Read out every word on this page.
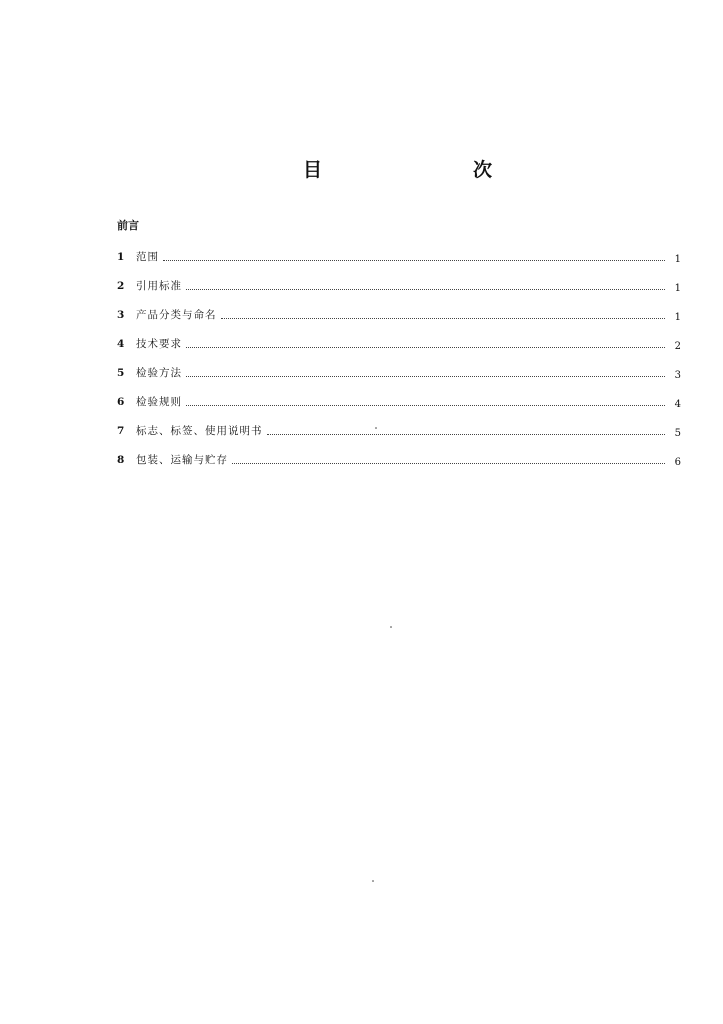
目	次
前言
1	范围	1
2	引用标准	1
3	产品分类与命名	1
4	技术要求	2
5	检验方法	3
6	检验规则	4
7	标志、标签、使用说明书	5
8	包装、运输与贮存	6
